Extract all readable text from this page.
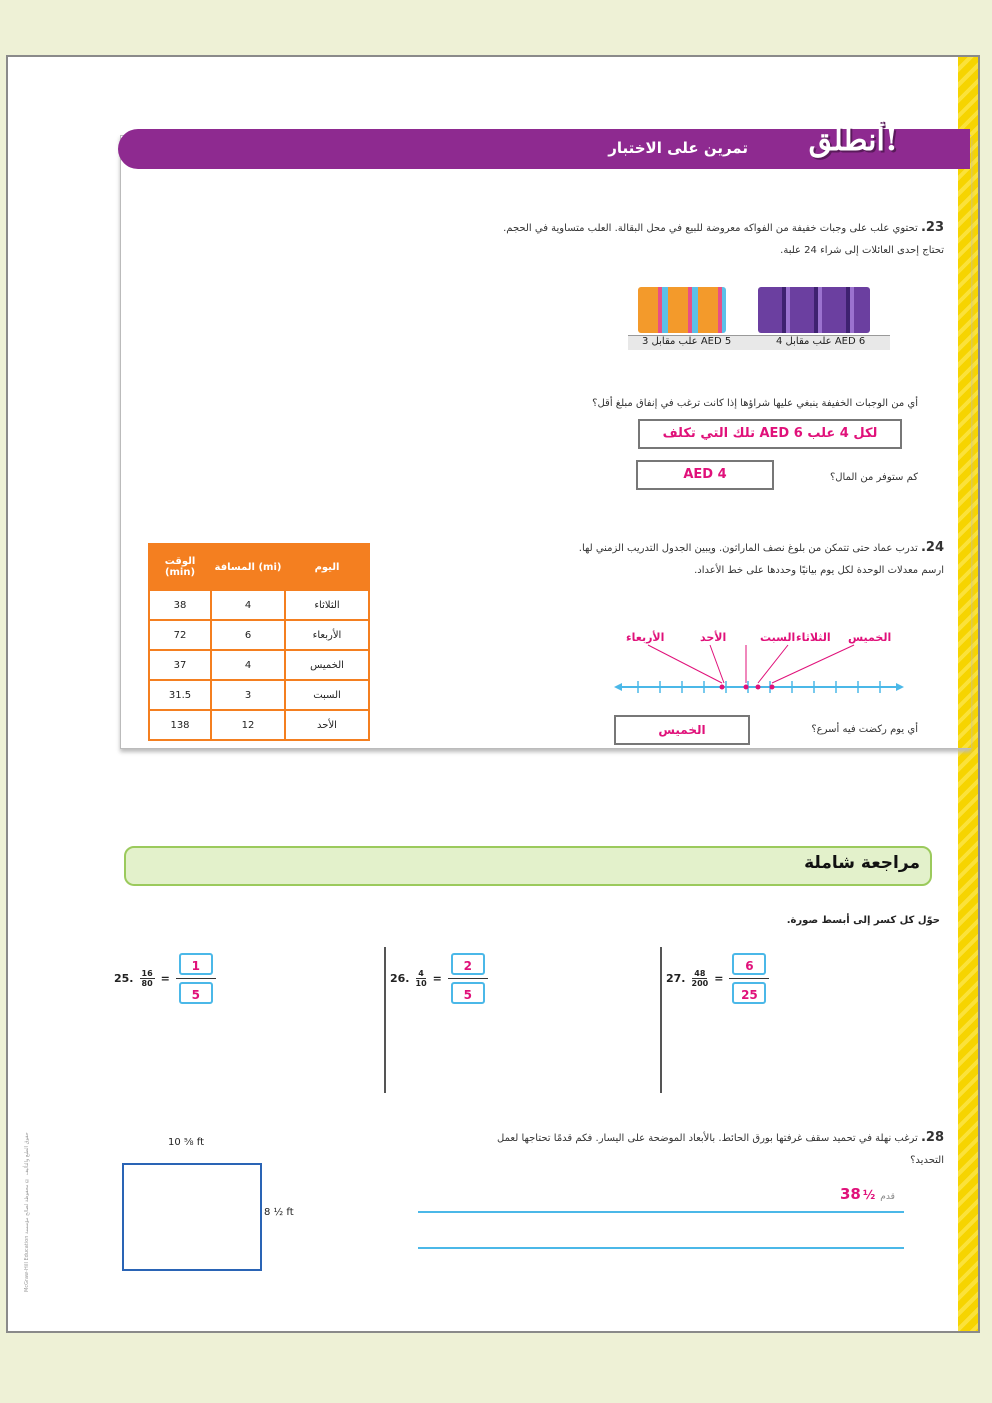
McGraw-Hill Education حقوق الطبع والتأليف © محفوظة لصالح مؤسسة
أنطلق!
تمرين على الاختبار
23. تحتوي علب على وجبات خفيفة من الفواكه معروضة للبيع في محل البقالة. العلب متساوية في الحجم.
تحتاج إحدى العائلات إلى شراء 24 علبة.
3 علب مقابل AED 5	4 علب مقابل AED 6
أي من الوجبات الخفيفة ينبغي عليها شراؤها إذا كانت ترغب في إنفاق مبلغ أقل؟
تلك التي تكلف AED 6 لكل 4 علب
كم ستوفر من المال؟
AED 4
24. تدرب عماد حتى تتمكن من بلوغ نصف الماراثون. ويبين الجدول التدريب الزمني لها.
ارسم معدلات الوحدة لكل يوم بيانيًا وحددها على خط الأعداد.
الوقت (min)	المسافة (mi)	اليوم
38	4	الثلاثاء
72	6	الأربعاء
37	4	الخميس
31.5	3	السبت
138	12	الأحد
الخميس
الثلاثاء
السبت
الأحد
الأربعاء
أي يوم ركضت فيه أسرع؟
الخميس
مراجعة شاملة
حوّل كل كسر إلى أبسط صورة.
25. $\frac{16}{80} = \frac{1}{5}$	26. $\frac{4}{10} = \frac{2}{5}$	27. $\frac{48}{200} = \frac{6}{25}$
28. ترغب نهلة في تحميد سقف غرفتها بورق الحائط. بالأبعاد الموضحة على اليسار. فكم قدمًا تحتاجها لعمل
التحديد؟
10 ⅝ ft
8 ½ ft
38 ½ قدم
